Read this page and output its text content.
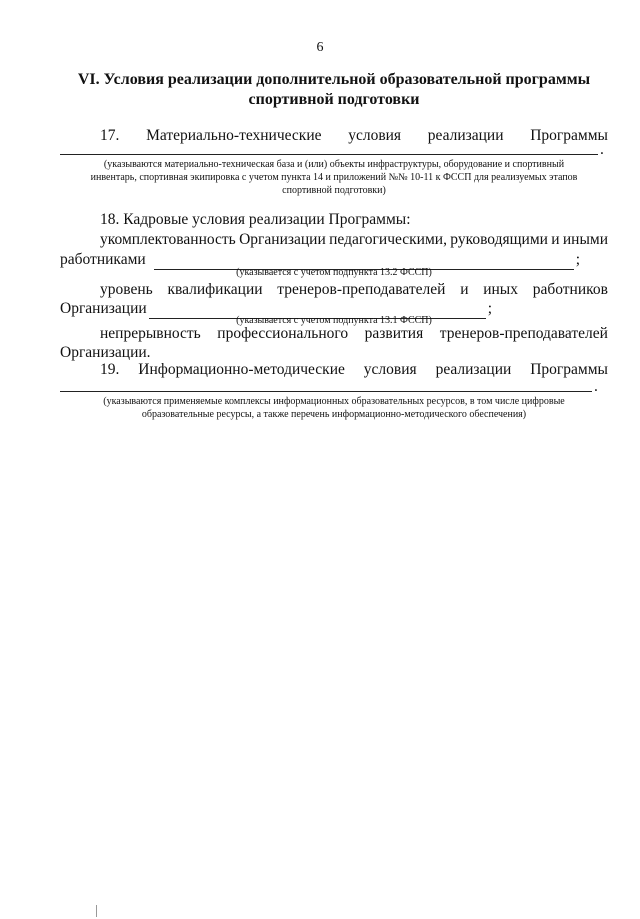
6
VI. Условия реализации дополнительной образовательной программы
спортивной подготовки
17. Материально-технические условия реализации Программы
.
(указываются материально-техническая база и (или) объекты инфраструктуры, оборудование и спортивный
инвентарь, спортивная экипировка с учетом пункта 14 и приложений №№ 10-11 к ФССП для реализуемых этапов
спортивной подготовки)
18. Кадровые условия реализации Программы:
укомплектованность Организации педагогическими, руководящими и иными
работниками	;
(указывается с учетом подпункта 13.2 ФССП)
уровень квалификации тренеров-преподавателей и иных работников
Организации	;
(указывается с учетом подпункта 13.1 ФССП)
непрерывность профессионального развития тренеров-преподавателей
Организации.
19. Информационно-методические условия реализации Программы
.
(указываются применяемые комплексы информационных образовательных ресурсов, в том числе цифровые
образовательные ресурсы, а также перечень информационно-методического обеспечения)
